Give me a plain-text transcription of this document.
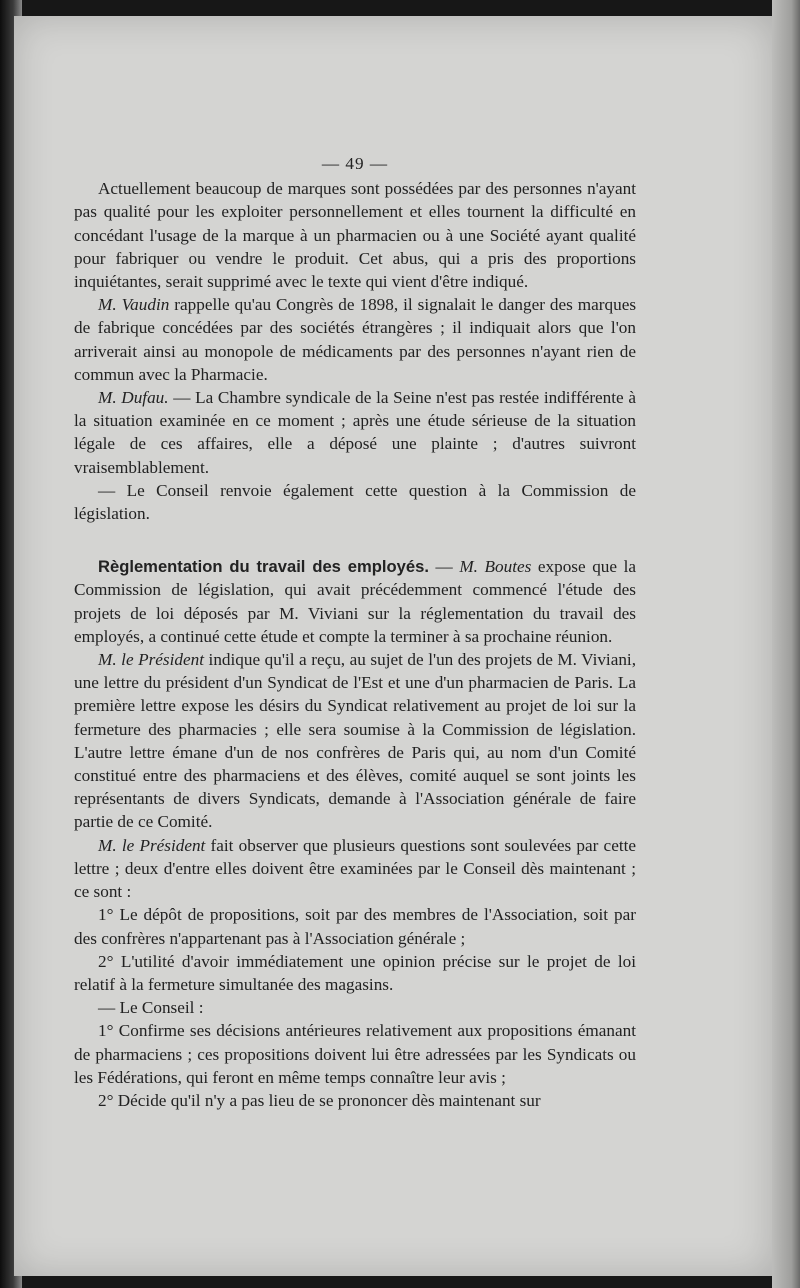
— 49 —

Actuellement beaucoup de marques sont possédées par des personnes n'ayant pas qualité pour les exploiter personnellement et elles tournent la difficulté en concédant l'usage de la marque à un pharmacien ou à une Société ayant qualité pour fabriquer ou vendre le produit. Cet abus, qui a pris des proportions inquiétantes, serait supprimé avec le texte qui vient d'être indiqué.

M. Vaudin rappelle qu'au Congrès de 1898, il signalait le danger des marques de fabrique concédées par des sociétés étrangères ; il indiquait alors que l'on arriverait ainsi au monopole de médicaments par des personnes n'ayant rien de commun avec la Pharmacie.

M. Dufau. — La Chambre syndicale de la Seine n'est pas restée indifférente à la situation examinée en ce moment ; après une étude sérieuse de la situation légale de ces affaires, elle a déposé une plainte ; d'autres suivront vraisemblablement.

— Le Conseil renvoie également cette question à la Commission de législation.

Règlementation du travail des employés. — M. Boutes expose que la Commission de législation, qui avait précédemment commencé l'étude des projets de loi déposés par M. Viviani sur la réglementation du travail des employés, a continué cette étude et compte la terminer à sa prochaine réunion.

M. le Président indique qu'il a reçu, au sujet de l'un des projets de M. Viviani, une lettre du président d'un Syndicat de l'Est et une d'un pharmacien de Paris. La première lettre expose les désirs du Syndicat relativement au projet de loi sur la fermeture des pharmacies ; elle sera soumise à la Commission de législation. L'autre lettre émane d'un de nos confrères de Paris qui, au nom d'un Comité constitué entre des pharmaciens et des élèves, comité auquel se sont joints les représentants de divers Syndicats, demande à l'Association générale de faire partie de ce Comité.

M. le Président fait observer que plusieurs questions sont soulevées par cette lettre ; deux d'entre elles doivent être examinées par le Conseil dès maintenant ; ce sont :

1° Le dépôt de propositions, soit par des membres de l'Association, soit par des confrères n'appartenant pas à l'Association générale ;

2° L'utilité d'avoir immédiatement une opinion précise sur le projet de loi relatif à la fermeture simultanée des magasins.

— Le Conseil :

1° Confirme ses décisions antérieures relativement aux propositions émanant de pharmaciens ; ces propositions doivent lui être adressées par les Syndicats ou les Fédérations, qui feront en même temps connaître leur avis ;

2° Décide qu'il n'y a pas lieu de se prononcer dès maintenant sur
